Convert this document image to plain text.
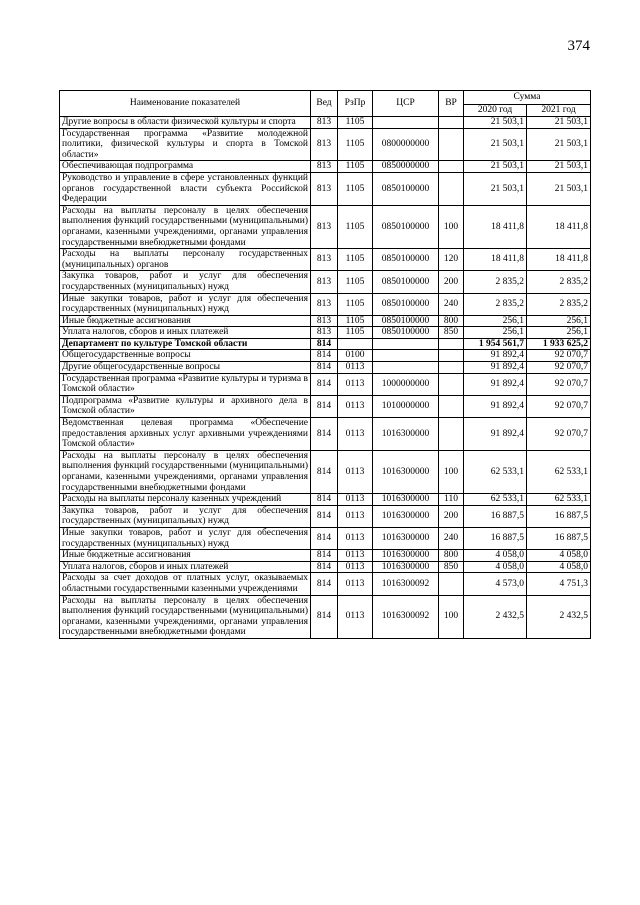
374
Наименование показателей	Вед	РзПр	ЦСР	ВР	Сумма	
					2020 год	2021 год
Другие вопросы в области физической культуры и спорта	813	1105			21 503,1	21 503,1
Государственная программа «Развитие молодежной политики, физической культуры и спорта в Томской области»	813	1105	0800000000		21 503,1	21 503,1
Обеспечивающая подпрограмма	813	1105	0850000000		21 503,1	21 503,1
Руководство и управление в сфере установленных функций органов государственной власти субъекта Российской Федерации	813	1105	0850100000		21 503,1	21 503,1
Расходы на выплаты персоналу в целях обеспечения выполнения функций государственными (муниципальными) органами, казенными учреждениями, органами управления государственными внебюджетными фондами	813	1105	0850100000	100	18 411,8	18 411,8
Расходы на выплаты персоналу государственных (муниципальных) органов	813	1105	0850100000	120	18 411,8	18 411,8
Закупка товаров, работ и услуг для обеспечения государственных (муниципальных) нужд	813	1105	0850100000	200	2 835,2	2 835,2
Иные закупки товаров, работ и услуг для обеспечения государственных (муниципальных) нужд	813	1105	0850100000	240	2 835,2	2 835,2
Иные бюджетные ассигнования	813	1105	0850100000	800	256,1	256,1
Уплата налогов, сборов и иных платежей	813	1105	0850100000	850	256,1	256,1
Департамент по культуре Томской области	814				1 954 561,7	1 933 625,2
Общегосударственные вопросы	814	0100			91 892,4	92 070,7
Другие общегосударственные вопросы	814	0113			91 892,4	92 070,7
Государственная программа «Развитие культуры и туризма в Томской области»	814	0113	1000000000		91 892,4	92 070,7
Подпрограмма «Развитие культуры и архивного дела в Томской области»	814	0113	1010000000		91 892,4	92 070,7
Ведомственная целевая программа «Обеспечение предоставления архивных услуг архивными учреждениями Томской области»	814	0113	1016300000		91 892,4	92 070,7
Расходы на выплаты персоналу в целях обеспечения выполнения функций государственными (муниципальными) органами, казенными учреждениями, органами управления государственными внебюджетными фондами	814	0113	1016300000	100	62 533,1	62 533,1
Расходы на выплаты персоналу казенных учреждений	814	0113	1016300000	110	62 533,1	62 533,1
Закупка товаров, работ и услуг для обеспечения государственных (муниципальных) нужд	814	0113	1016300000	200	16 887,5	16 887,5
Иные закупки товаров, работ и услуг для обеспечения государственных (муниципальных) нужд	814	0113	1016300000	240	16 887,5	16 887,5
Иные бюджетные ассигнования	814	0113	1016300000	800	4 058,0	4 058,0
Уплата налогов, сборов и иных платежей	814	0113	1016300000	850	4 058,0	4 058,0
Расходы за счет доходов от платных услуг, оказываемых областными государственными казенными учреждениями	814	0113	1016300092		4 573,0	4 751,3
Расходы на выплаты персоналу в целях обеспечения выполнения функций государственными (муниципальными) органами, казенными учреждениями, органами управления государственными внебюджетными фондами	814	0113	1016300092	100	2 432,5	2 432,5
